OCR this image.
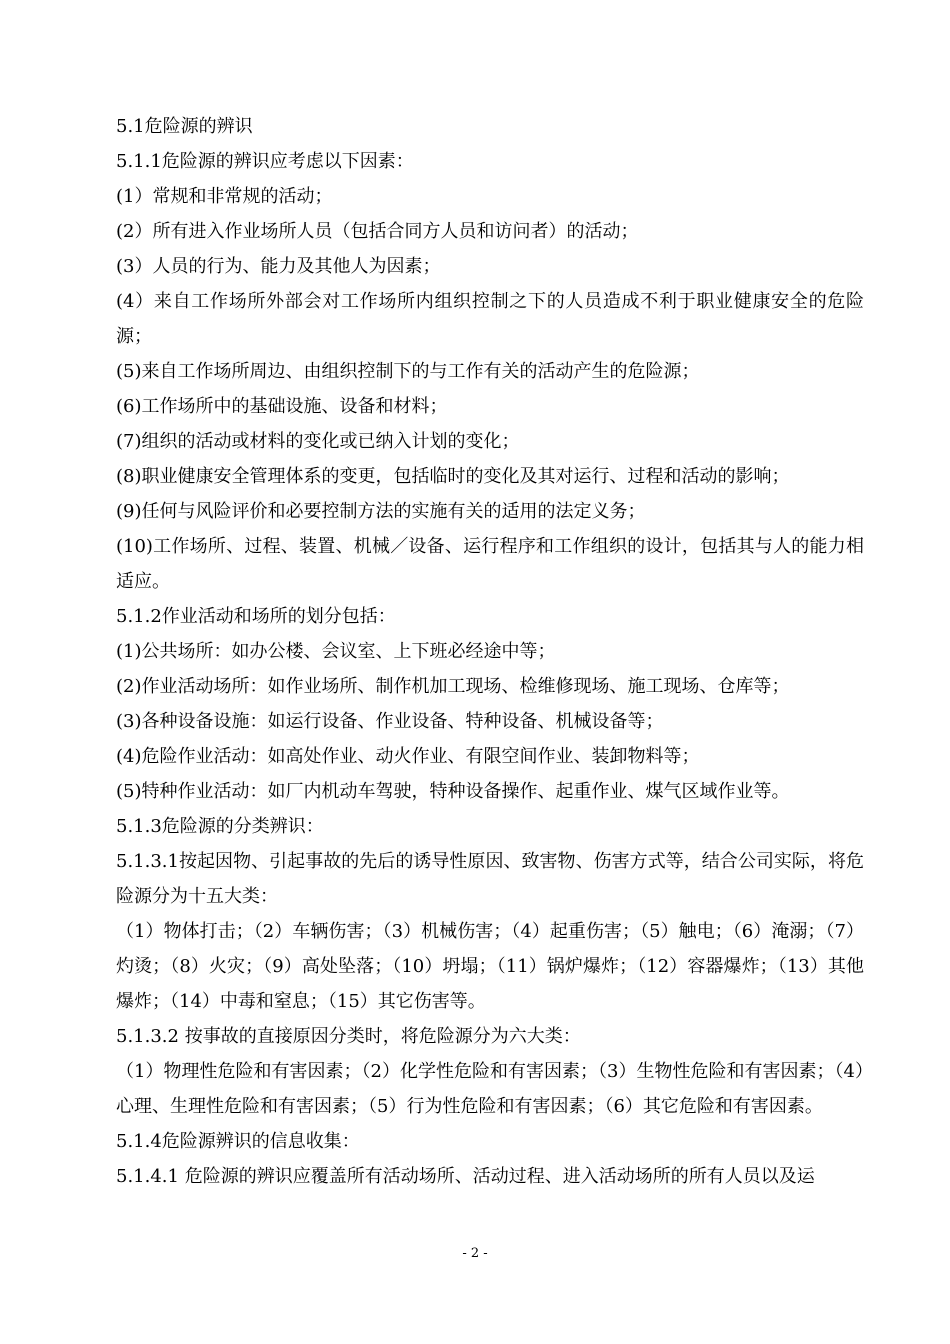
5.1危险源的辨识

5.1.1危险源的辨识应考虑以下因素：

(1）常规和非常规的活动；

(2）所有进入作业场所人员（包括合同方人员和访问者）的活动；

(3）人员的行为、能力及其他人为因素；

(4）来自工作场所外部会对工作场所内组织控制之下的人员造成不利于职业健康安全的危险源；

(5)来自工作场所周边、由组织控制下的与工作有关的活动产生的危险源；

(6)工作场所中的基础设施、设备和材料；

(7)组织的活动或材料的变化或已纳入计划的变化；

(8)职业健康安全管理体系的变更，包括临时的变化及其对运行、过程和活动的影响；

(9)任何与风险评价和必要控制方法的实施有关的适用的法定义务；

(10)工作场所、过程、装置、机械／设备、运行程序和工作组织的设计，包括其与人的能力相适应。

5.1.2作业活动和场所的划分包括：

(1)公共场所：如办公楼、会议室、上下班必经途中等；

(2)作业活动场所：如作业场所、制作机加工现场、检维修现场、施工现场、仓库等；

(3)各种设备设施：如运行设备、作业设备、特种设备、机械设备等；

(4)危险作业活动：如高处作业、动火作业、有限空间作业、装卸物料等；

(5)特种作业活动：如厂内机动车驾驶，特种设备操作、起重作业、煤气区域作业等。

5.1.3危险源的分类辨识：

5.1.3.1按起因物、引起事故的先后的诱导性原因、致害物、伤害方式等，结合公司实际，将危险源分为十五大类：

（1）物体打击；（2）车辆伤害；（3）机械伤害；（4）起重伤害；（5）触电；（6）淹溺；（7）灼烫；（8）火灾；（9）高处坠落；（10）坍塌；（11）锅炉爆炸；（12）容器爆炸；（13）其他爆炸；（14）中毒和窒息；（15）其它伤害等。

5.1.3.2 按事故的直接原因分类时，将危险源分为六大类：

（1）物理性危险和有害因素；（2）化学性危险和有害因素；（3）生物性危险和有害因素；（4）心理、生理性危险和有害因素；（5）行为性危险和有害因素；（6）其它危险和有害因素。

5.1.4危险源辨识的信息收集：

5.1.4.1 危险源的辨识应覆盖所有活动场所、活动过程、进入活动场所的所有人员以及运

- 2 -
